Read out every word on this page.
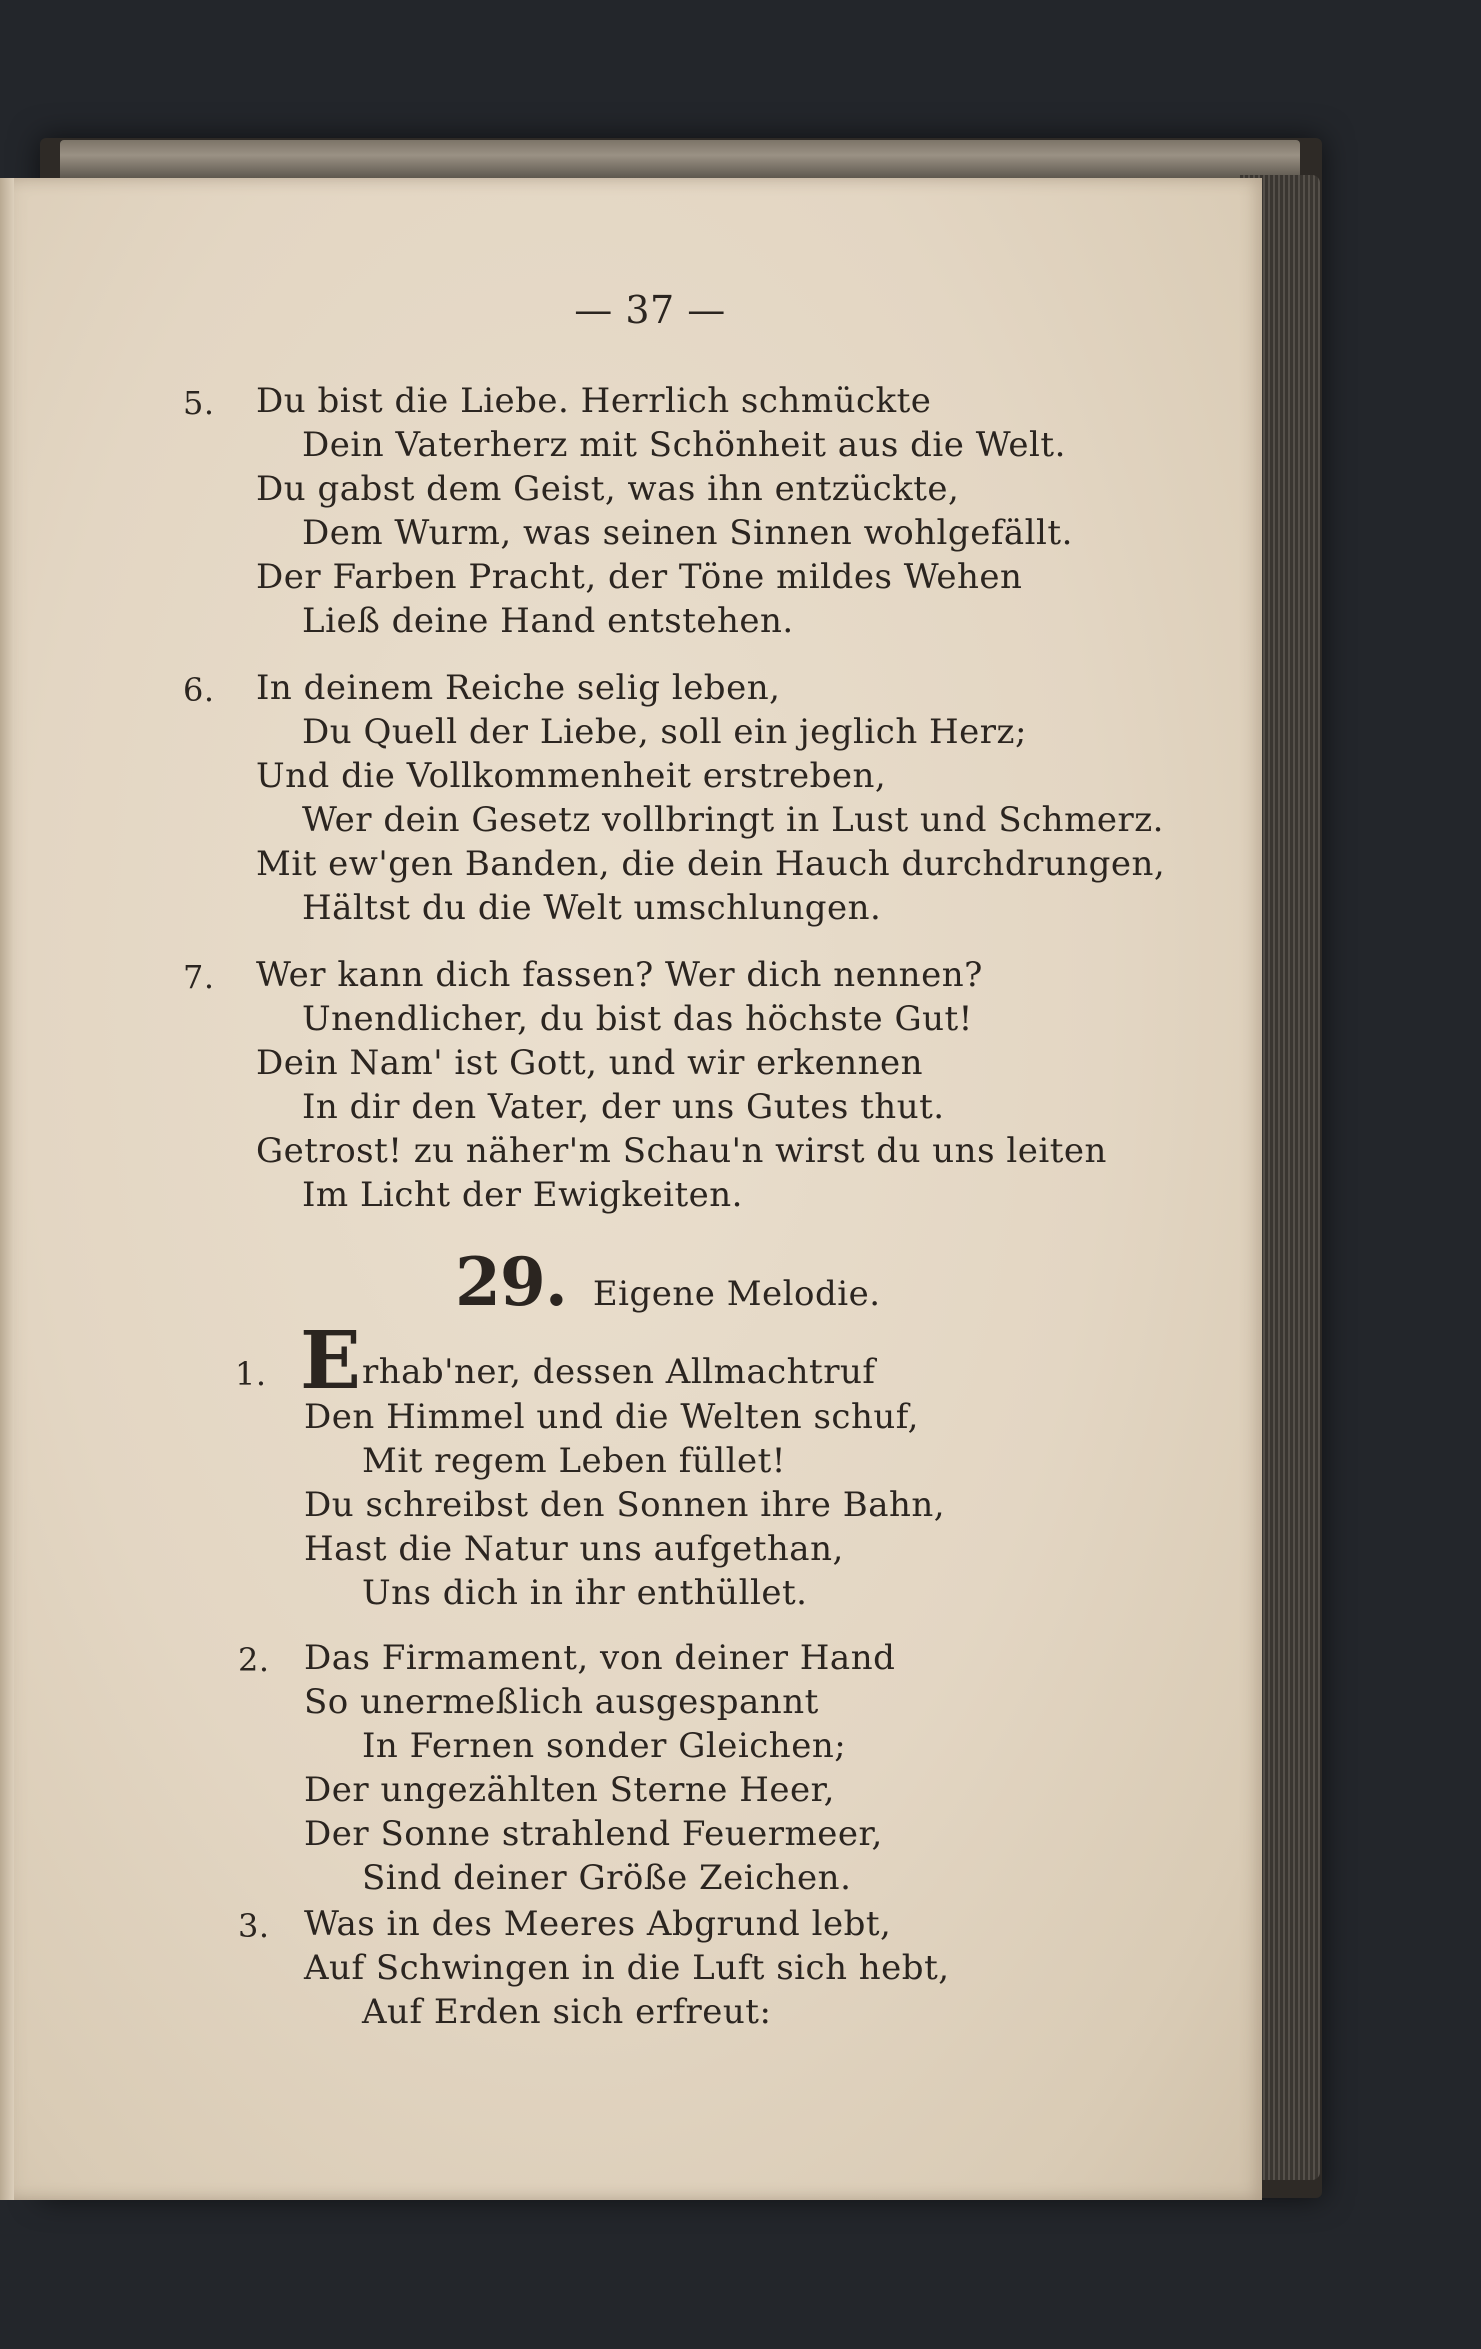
— 37 —
5. Du bist die Liebe. Herrlich schmückte
Dein Vaterherz mit Schönheit aus die Welt.
Du gabst dem Geist, was ihn entzückte,
Dem Wurm, was seinen Sinnen wohlgefällt.
Der Farben Pracht, der Töne mildes Wehen
Ließ deine Hand entstehen.
6. In deinem Reiche selig leben,
Du Quell der Liebe, soll ein jeglich Herz;
Und die Vollkommenheit erstreben,
Wer dein Gesetz vollbringt in Lust und Schmerz.
Mit ew'gen Banden, die dein Hauch durchdrungen,
Hältst du die Welt umschlungen.
7. Wer kann dich fassen? Wer dich nennen?
Unendlicher, du bist das höchste Gut!
Dein Nam' ist Gott, und wir erkennen
In dir den Vater, der uns Gutes thut.
Getrost! zu näher'm Schau'n wirst du uns leiten
Im Licht der Ewigkeiten.
29. Eigene Melodie.
1. E rhab'ner, dessen Allmachtruf
Den Himmel und die Welten schuf,
Mit regem Leben füllet!
Du schreibst den Sonnen ihre Bahn,
Hast die Natur uns aufgethan,
Uns dich in ihr enthüllet.
2. Das Firmament, von deiner Hand
So unermeßlich ausgespannt
In Fernen sonder Gleichen;
Der ungezählten Sterne Heer,
Der Sonne strahlend Feuermeer,
Sind deiner Größe Zeichen.
3. Was in des Meeres Abgrund lebt,
Auf Schwingen in die Luft sich hebt,
Auf Erden sich erfreut:
